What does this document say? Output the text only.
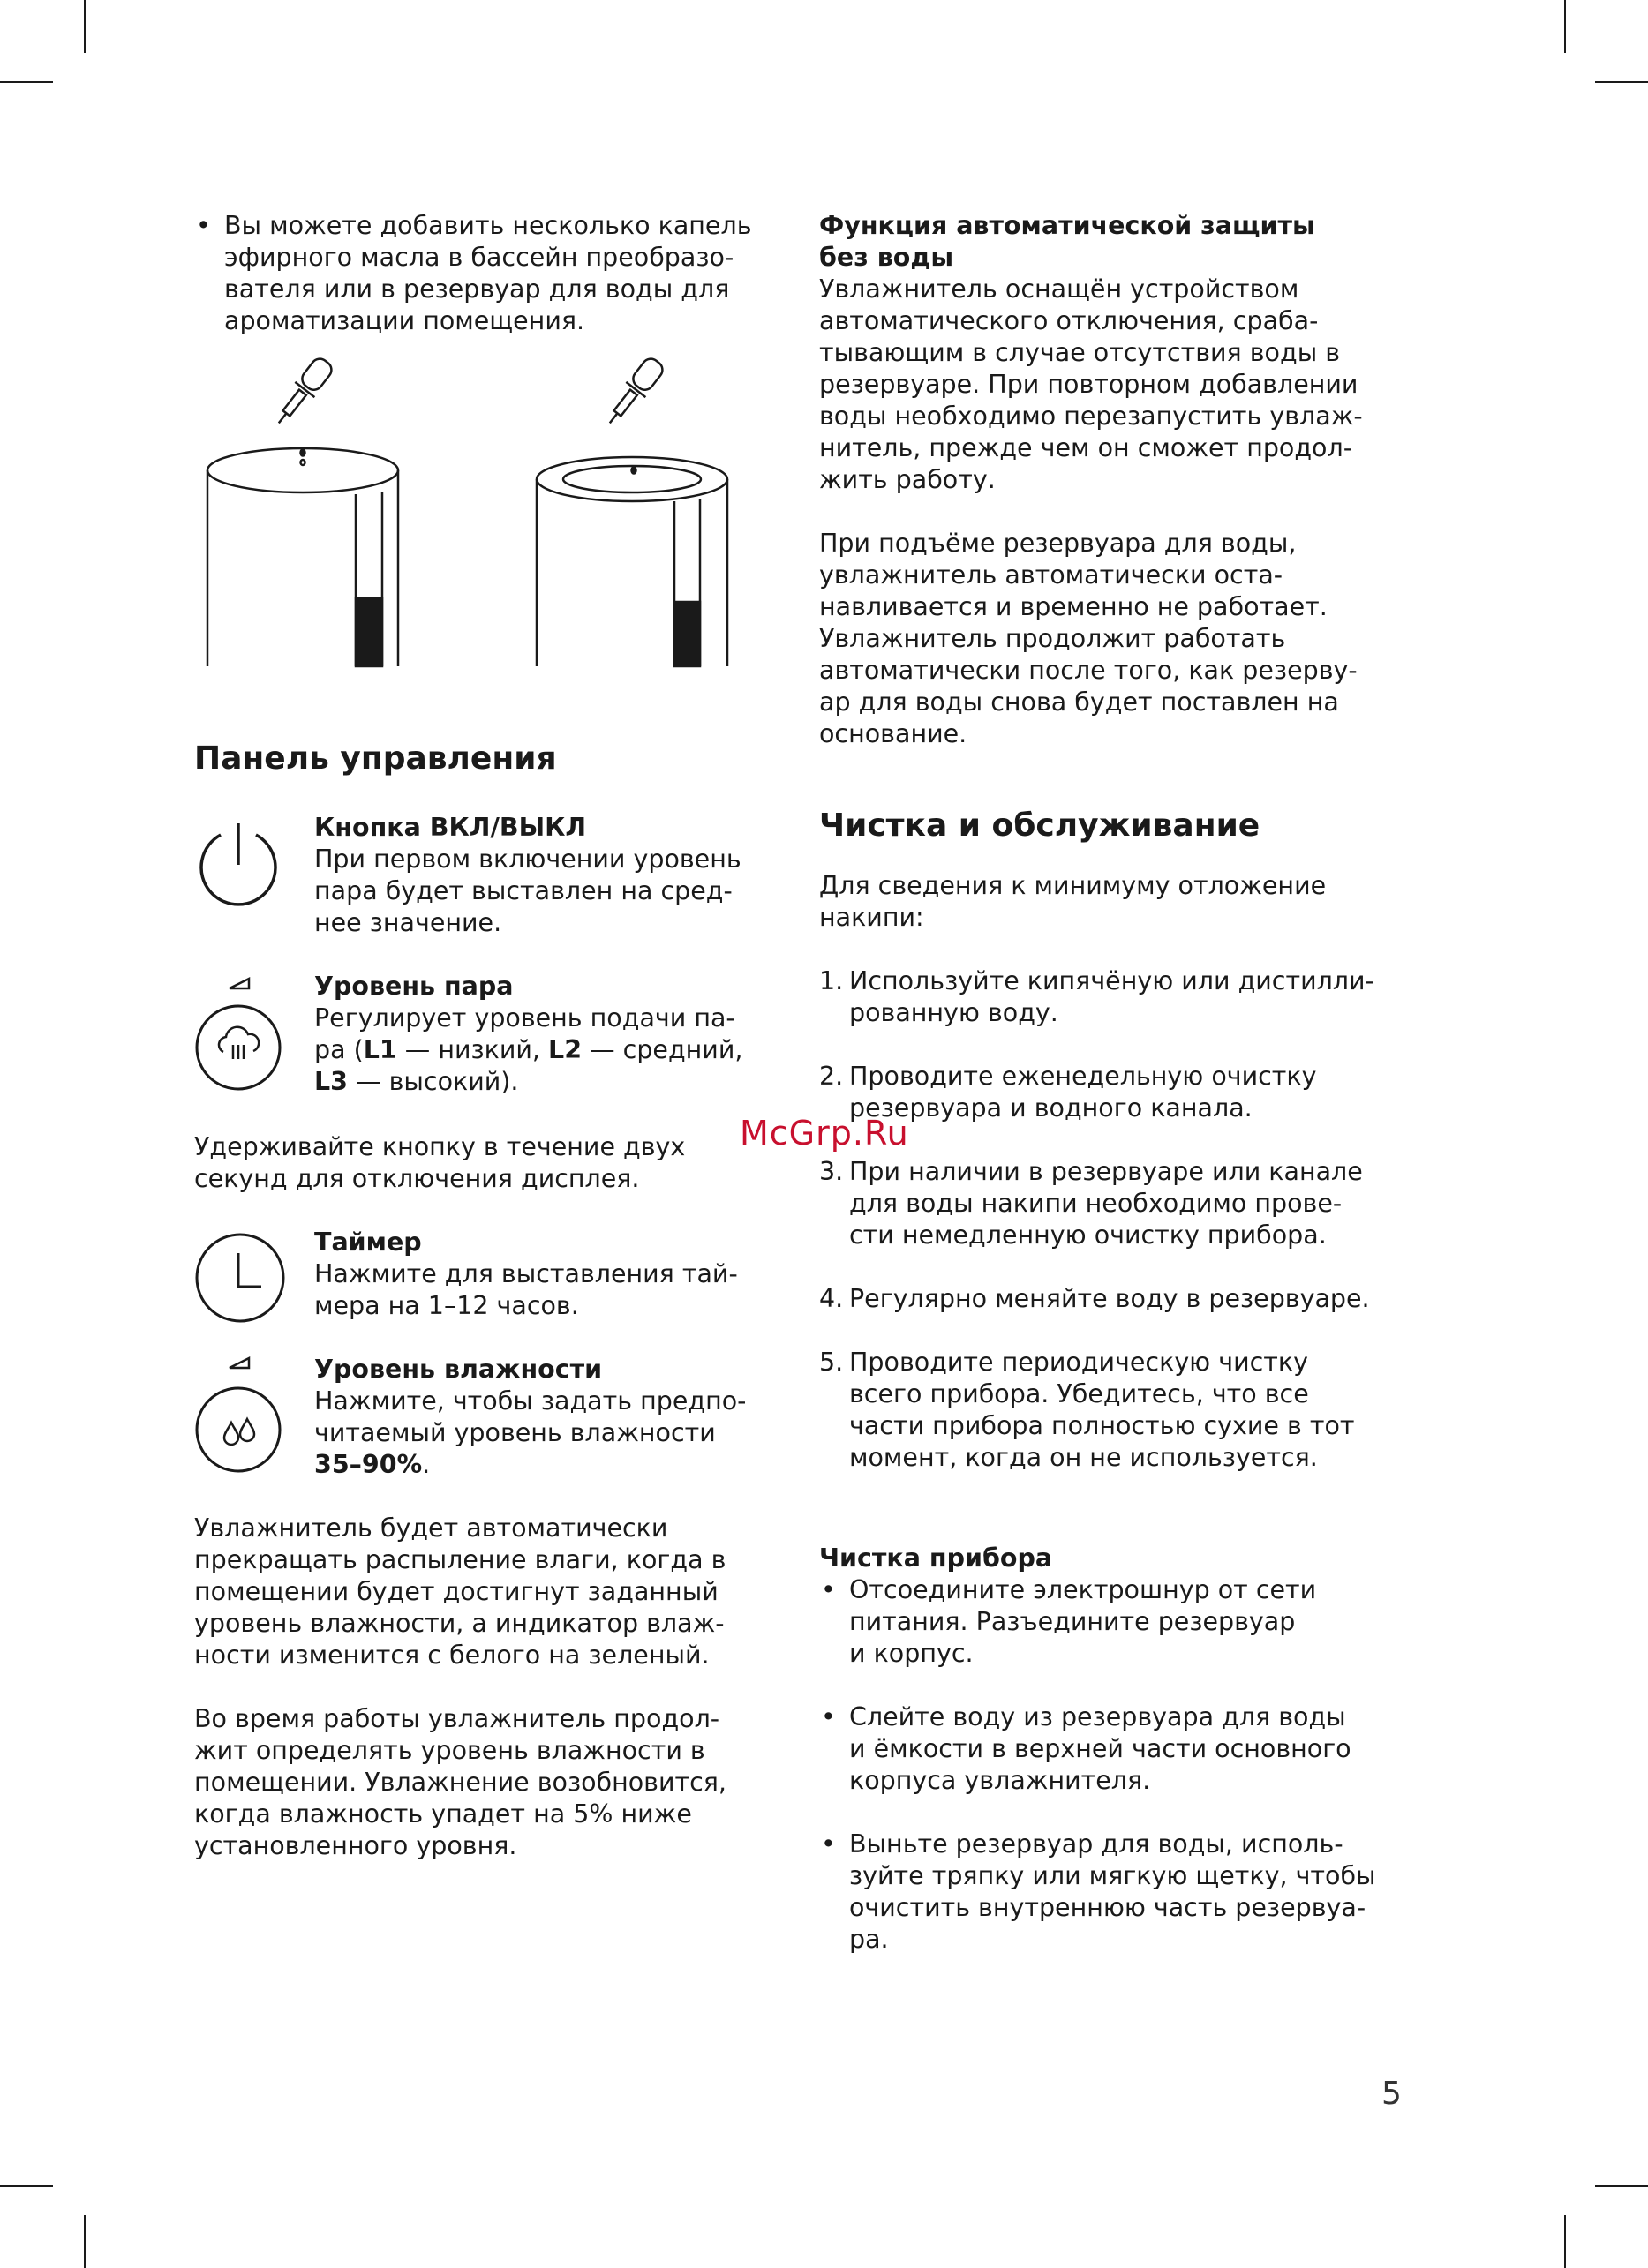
• Вы можете добавить несколько капель

эфирного масла в бассейн преобразо-

вателя или в резервуар для воды для

ароматизации помещения.

Панель управления

Кнопка ВКЛ/ВЫКЛ

При первом включении уровень

пара будет выставлен на сред-

нее значение.

Уровень пара

Регулирует уровень подачи па-

ра (L1 — низкий, L2 — средний,

L3 — высокий).

Удерживайте кнопку в течение двух

секунд для отключения дисплея.

Таймер

Нажмите для выставления тай-

мера на 1–12 часов.

Уровень влажности

Нажмите, чтобы задать предпо-

читаемый уровень влажности

35–90%.

Увлажнитель будет автоматически

прекращать распыление влаги, когда в

помещении будет достигнут заданный

уровень влажности, а индикатор влаж-

ности изменится с белого на зеленый.

Во время работы увлажнитель продол-

жит определять уровень влажности в

помещении. Увлажнение возобновится,

когда влажность упадет на 5% ниже

установленного уровня.

Функция автоматической защиты

без воды

Увлажнитель оснащён устройством

автоматического отключения, сраба-

тывающим в случае отсутствия воды в

резервуаре. При повторном добавлении

воды необходимо перезапустить увлаж-

нитель, прежде чем он сможет продол-

жить работу.

При подъёме резервуара для воды,

увлажнитель автоматически оста-

навливается и временно не работает.

Увлажнитель продолжит работать

автоматически после того, как резерву-

ар для воды снова будет поставлен на

основание.

Чистка и обслуживание

Для сведения к минимуму отложение

накипи:

1. Используйте кипячёную или дистилли-

рованную воду.

2. Проводите еженедельную очистку

резервуара и водного канала.

3. При наличии в резервуаре или канале

для воды накипи необходимо прове-

сти немедленную очистку прибора.

4. Регулярно меняйте воду в резервуаре.

5. Проводите периодическую чистку

всего прибора. Убедитесь, что все

части прибора полностью сухие в тот

момент, когда он не используется.

Чистка прибора

• Отсоедините электрошнур от сети

питания. Разъедините резервуар

и корпус.

• Слейте воду из резервуара для воды

и ёмкости в верхней части основного

корпуса увлажнителя.

• Выньте резервуар для воды, исполь-

зуйте тряпку или мягкую щетку, чтобы

очистить внутреннюю часть резервуа-

ра.

McGrp.Ru
5
